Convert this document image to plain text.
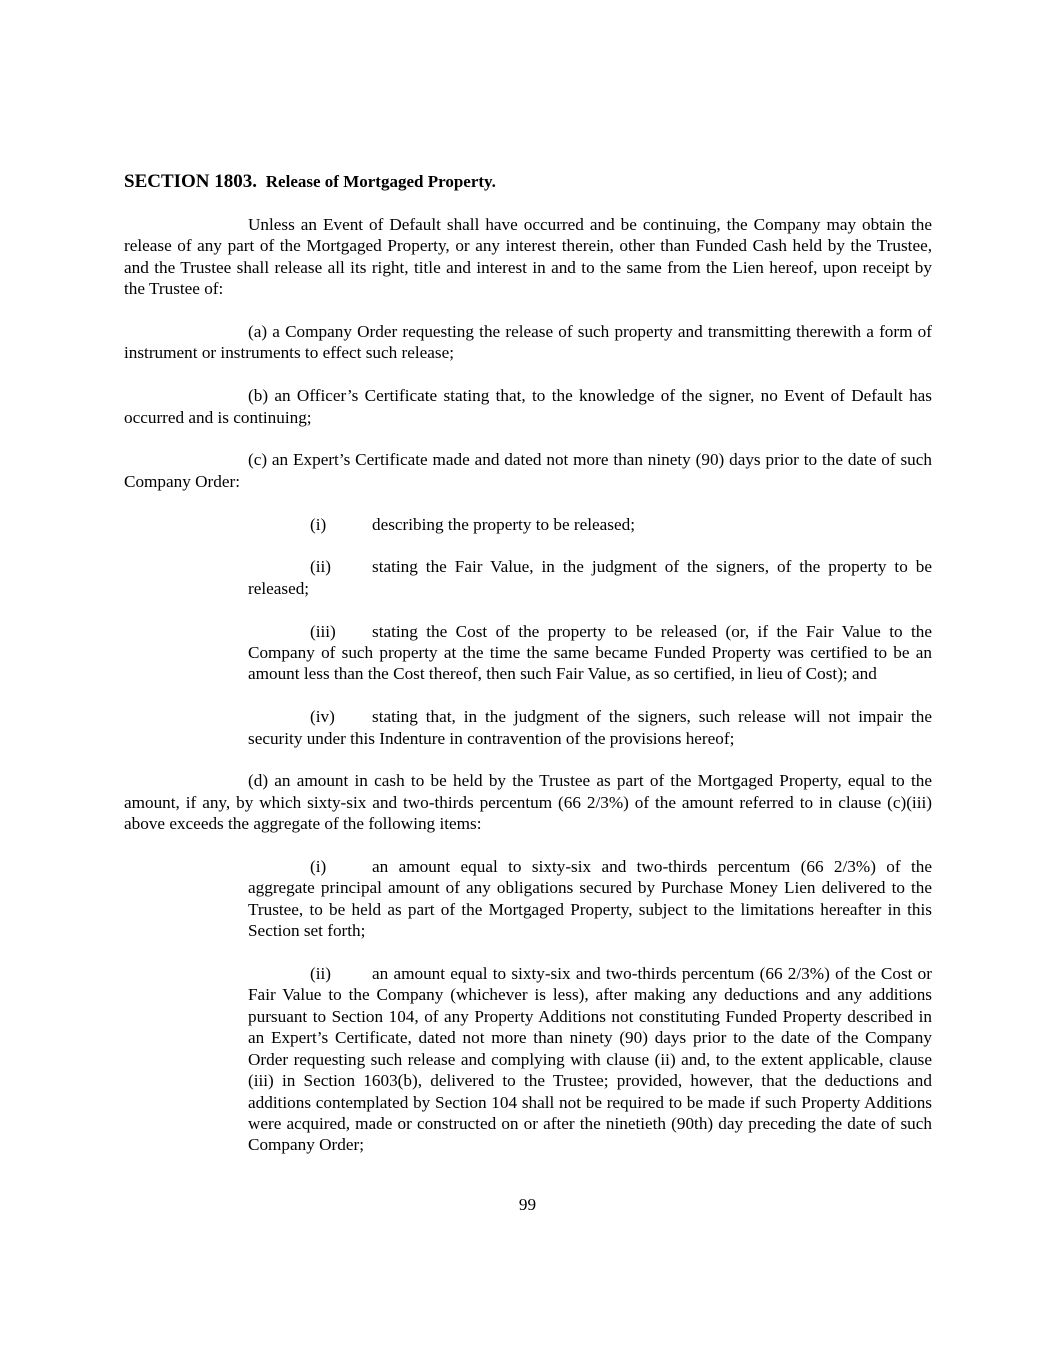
SECTION 1803. Release of Mortgaged Property.

Unless an Event of Default shall have occurred and be continuing, the Company may obtain the release of any part of the Mortgaged Property, or any interest therein, other than Funded Cash held by the Trustee, and the Trustee shall release all its right, title and interest in and to the same from the Lien hereof, upon receipt by the Trustee of:

(a) a Company Order requesting the release of such property and transmitting therewith a form of instrument or instruments to effect such release;

(b) an Officer’s Certificate stating that, to the knowledge of the signer, no Event of Default has occurred and is continuing;

(c) an Expert’s Certificate made and dated not more than ninety (90) days prior to the date of such Company Order:

(i)	describing the property to be released;

(ii) stating the Fair Value, in the judgment of the signers, of the property to be released;

(iii) stating the Cost of the property to be released (or, if the Fair Value to the Company of such property at the time the same became Funded Property was certified to be an amount less than the Cost thereof, then such Fair Value, as so certified, in lieu of Cost); and

(iv) stating that, in the judgment of the signers, such release will not impair the security under this Indenture in contravention of the provisions hereof;

(d) an amount in cash to be held by the Trustee as part of the Mortgaged Property, equal to the amount, if any, by which sixty-six and two-thirds percentum (66 2/3%) of the amount referred to in clause (c)(iii) above exceeds the aggregate of the following items:

(i)	an amount equal to sixty-six and two-thirds percentum (66 2/3%) of the aggregate principal amount of any obligations secured by Purchase Money Lien delivered to the Trustee, to be held as part of the Mortgaged Property, subject to the limitations hereafter in this Section set forth;

(ii) an amount equal to sixty-six and two-thirds percentum (66 2/3%) of the Cost or Fair Value to the Company (whichever is less), after making any deductions and any additions pursuant to Section 104, of any Property Additions not constituting Funded Property described in an Expert’s Certificate, dated not more than ninety (90) days prior to the date of the Company Order requesting such release and complying with clause (ii) and, to the extent applicable, clause (iii) in Section 1603(b), delivered to the Trustee; provided, however, that the deductions and additions contemplated by Section 104 shall not be required to be made if such Property Additions were acquired, made or constructed on or after the ninetieth (90th) day preceding the date of such Company Order;

99
